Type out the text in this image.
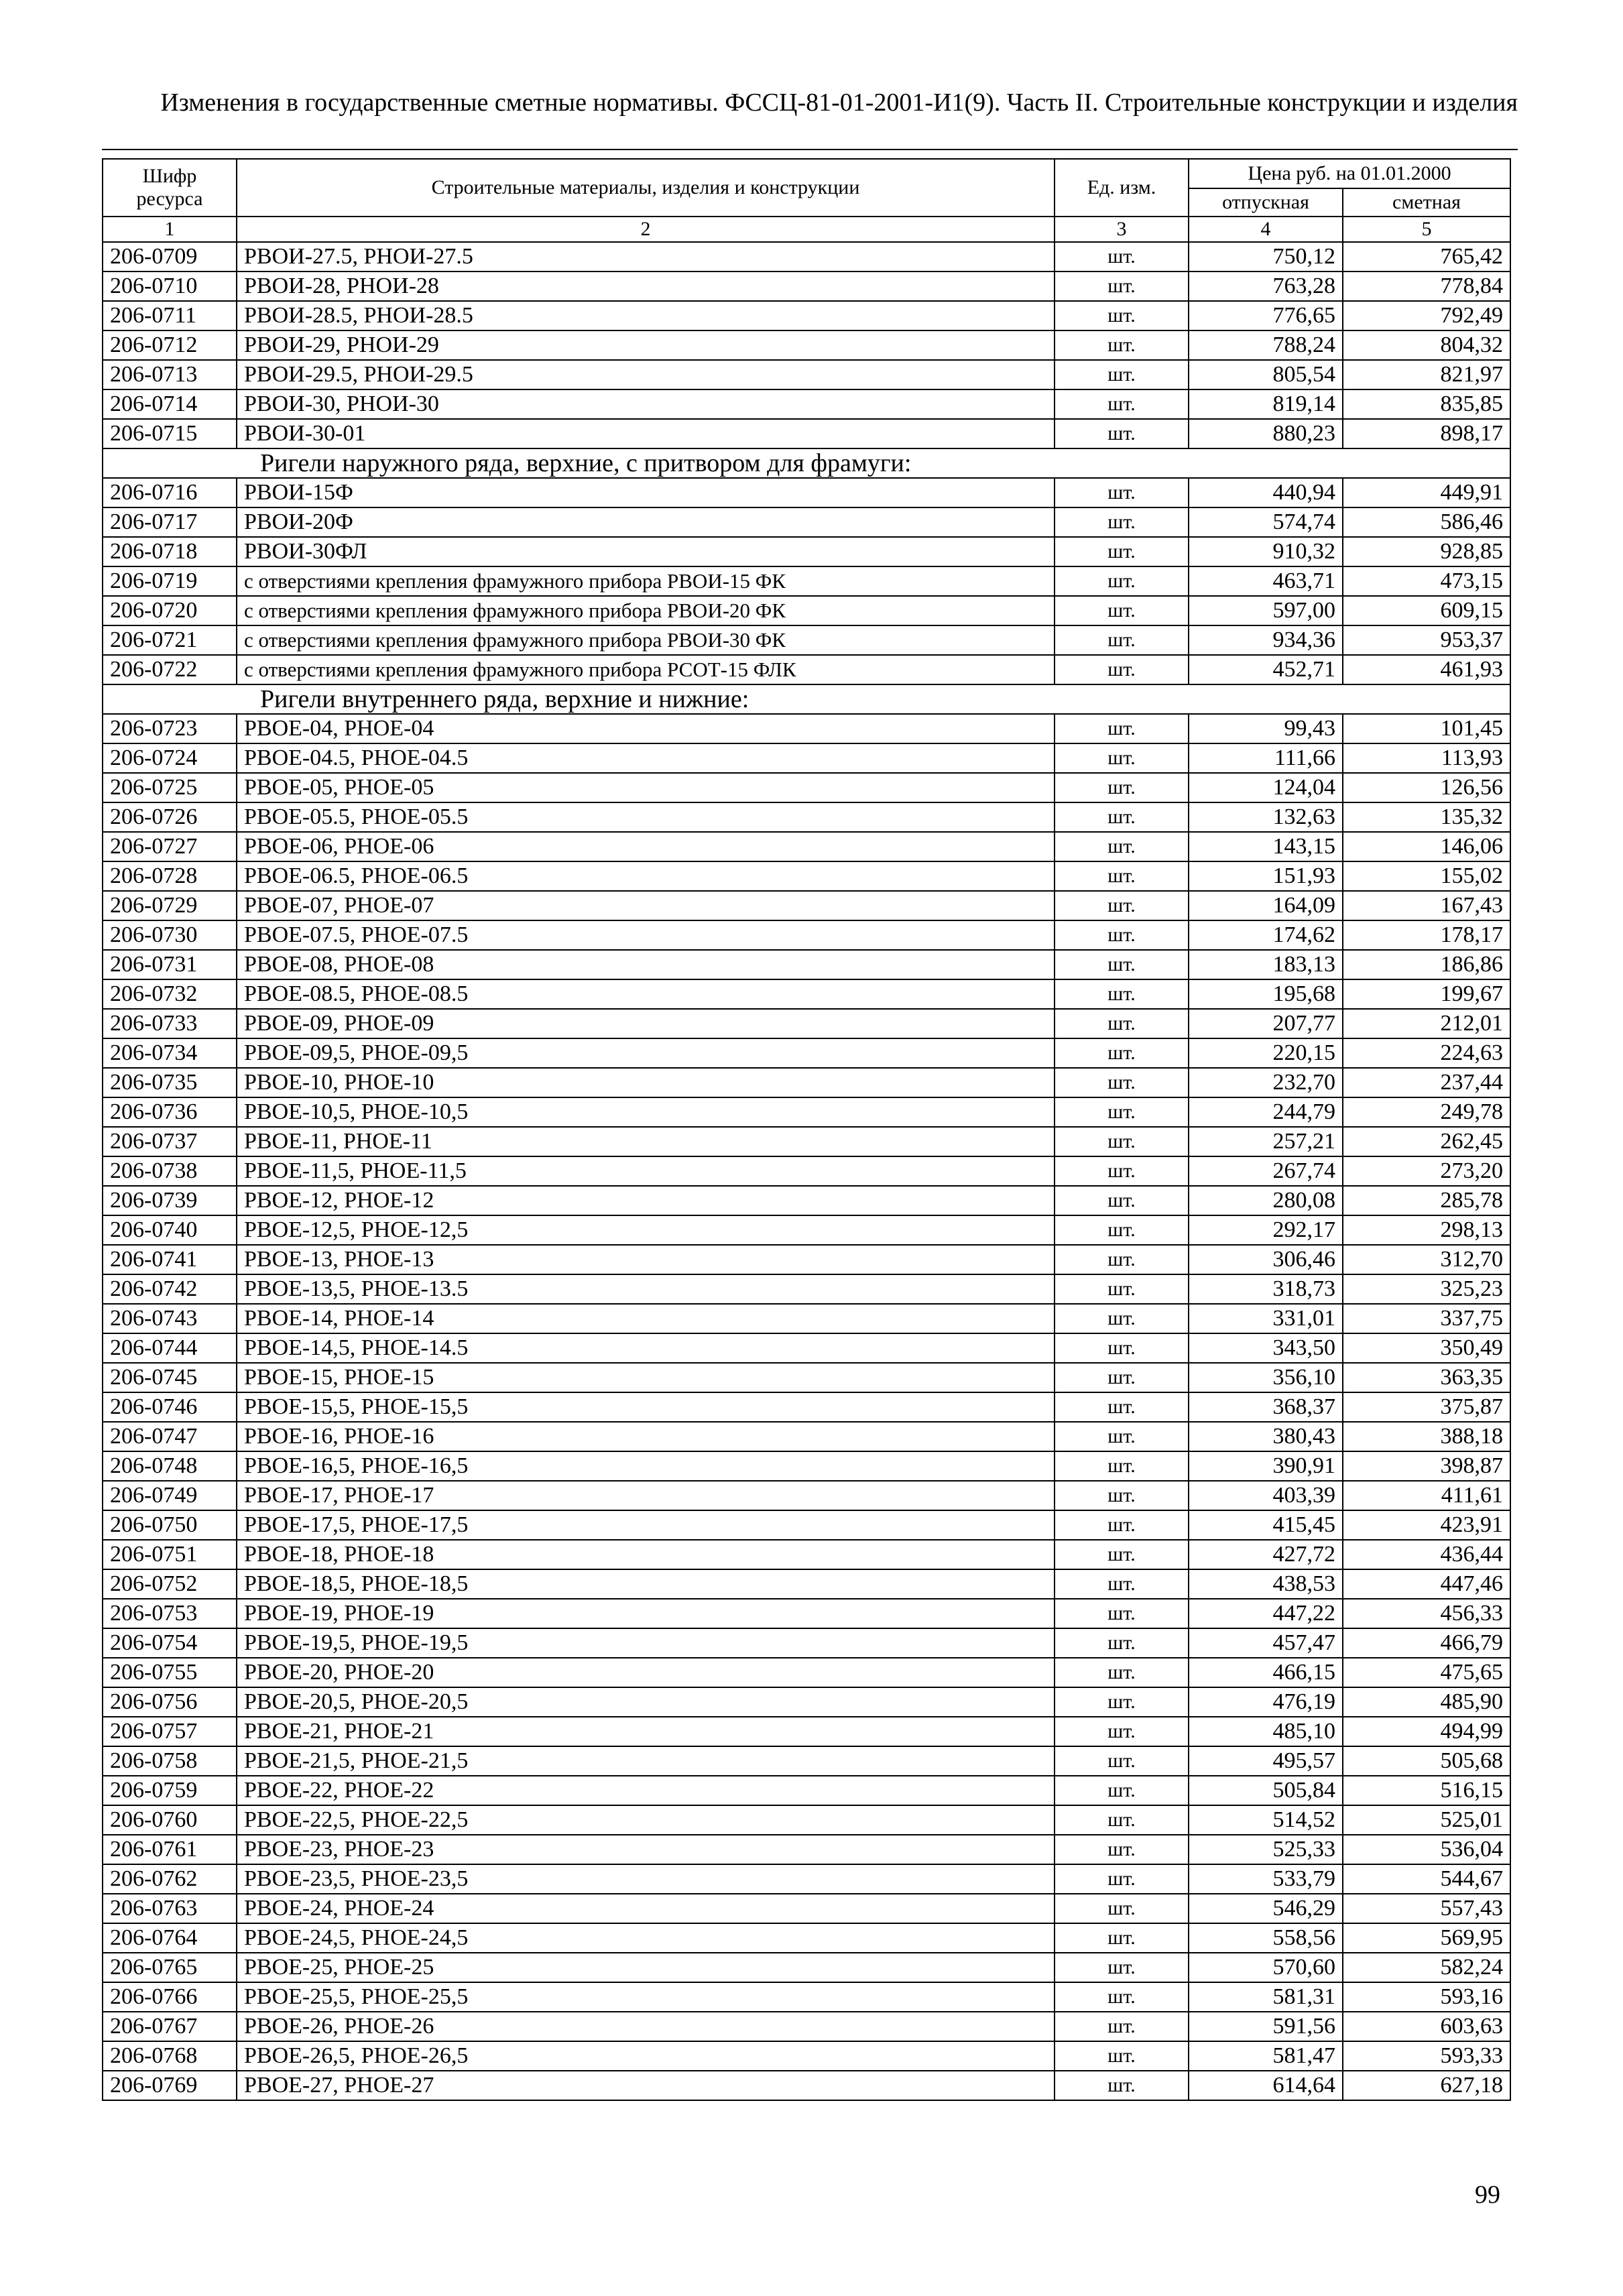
Изменения в государственные сметные нормативы. ФССЦ-81-01-2001-И1(9). Часть II. Строительные конструкции и изделия
Шифр ресурса	Строительные материалы, изделия и конструкции	Ед. изм.	Цена руб. на 01.01.2000	
			отпускная	сметная
1	2	3	4	5
206-0709	РВОИ-27.5, РНОИ-27.5	шт.	750,12	765,42
206-0710	РВОИ-28, РНОИ-28	шт.	763,28	778,84
206-0711	РВОИ-28.5, РНОИ-28.5	шт.	776,65	792,49
206-0712	РВОИ-29, РНОИ-29	шт.	788,24	804,32
206-0713	РВОИ-29.5, РНОИ-29.5	шт.	805,54	821,97
206-0714	РВОИ-30, РНОИ-30	шт.	819,14	835,85
206-0715	РВОИ-30-01	шт.	880,23	898,17
Ригели наружного ряда, верхние, с притвором для фрамуги:				
206-0716	РВОИ-15Ф	шт.	440,94	449,91
206-0717	РВОИ-20Ф	шт.	574,74	586,46
206-0718	РВОИ-30ФЛ	шт.	910,32	928,85
206-0719	с отверстиями крепления фрамужного прибора РВОИ-15 ФК	шт.	463,71	473,15
206-0720	с отверстиями крепления фрамужного прибора РВОИ-20 ФК	шт.	597,00	609,15
206-0721	с отверстиями крепления фрамужного прибора РВОИ-30 ФК	шт.	934,36	953,37
206-0722	с отверстиями крепления фрамужного прибора РСОТ-15 ФЛК	шт.	452,71	461,93
Ригели внутреннего ряда, верхние и нижние:				
206-0723	РВОЕ-04, РНОЕ-04	шт.	99,43	101,45
206-0724	РВОЕ-04.5, РНОЕ-04.5	шт.	111,66	113,93
206-0725	РВОЕ-05, РНОЕ-05	шт.	124,04	126,56
206-0726	РВОЕ-05.5, РНОЕ-05.5	шт.	132,63	135,32
206-0727	РВОЕ-06, РНОЕ-06	шт.	143,15	146,06
206-0728	РВОЕ-06.5, РНОЕ-06.5	шт.	151,93	155,02
206-0729	РВОЕ-07, РНОЕ-07	шт.	164,09	167,43
206-0730	РВОЕ-07.5, РНОЕ-07.5	шт.	174,62	178,17
206-0731	РВОЕ-08, РНОЕ-08	шт.	183,13	186,86
206-0732	РВОЕ-08.5, РНОЕ-08.5	шт.	195,68	199,67
206-0733	РВОЕ-09, РНОЕ-09	шт.	207,77	212,01
206-0734	РВОЕ-09,5, РНОЕ-09,5	шт.	220,15	224,63
206-0735	РВОЕ-10, РНОЕ-10	шт.	232,70	237,44
206-0736	РВОЕ-10,5, РНОЕ-10,5	шт.	244,79	249,78
206-0737	РВОЕ-11, РНОЕ-11	шт.	257,21	262,45
206-0738	РВОЕ-11,5, РНОЕ-11,5	шт.	267,74	273,20
206-0739	РВОЕ-12, РНОЕ-12	шт.	280,08	285,78
206-0740	РВОЕ-12,5, РНОЕ-12,5	шт.	292,17	298,13
206-0741	РВОЕ-13, РНОЕ-13	шт.	306,46	312,70
206-0742	РВОЕ-13,5, РНОЕ-13.5	шт.	318,73	325,23
206-0743	РВОЕ-14, РНОЕ-14	шт.	331,01	337,75
206-0744	РВОЕ-14,5, РНОЕ-14.5	шт.	343,50	350,49
206-0745	РВОЕ-15, РНОЕ-15	шт.	356,10	363,35
206-0746	РВОЕ-15,5, РНОЕ-15,5	шт.	368,37	375,87
206-0747	РВОЕ-16, РНОЕ-16	шт.	380,43	388,18
206-0748	РВОЕ-16,5, РНОЕ-16,5	шт.	390,91	398,87
206-0749	РВОЕ-17, РНОЕ-17	шт.	403,39	411,61
206-0750	РВОЕ-17,5, РНОЕ-17,5	шт.	415,45	423,91
206-0751	РВОЕ-18, РНОЕ-18	шт.	427,72	436,44
206-0752	РВОЕ-18,5, РНОЕ-18,5	шт.	438,53	447,46
206-0753	РВОЕ-19, РНОЕ-19	шт.	447,22	456,33
206-0754	РВОЕ-19,5, РНОЕ-19,5	шт.	457,47	466,79
206-0755	РВОЕ-20, РНОЕ-20	шт.	466,15	475,65
206-0756	РВОЕ-20,5, РНОЕ-20,5	шт.	476,19	485,90
206-0757	РВОЕ-21, РНОЕ-21	шт.	485,10	494,99
206-0758	РВОЕ-21,5, РНОЕ-21,5	шт.	495,57	505,68
206-0759	РВОЕ-22, РНОЕ-22	шт.	505,84	516,15
206-0760	РВОЕ-22,5, РНОЕ-22,5	шт.	514,52	525,01
206-0761	РВОЕ-23, РНОЕ-23	шт.	525,33	536,04
206-0762	РВОЕ-23,5, РНОЕ-23,5	шт.	533,79	544,67
206-0763	РВОЕ-24, РНОЕ-24	шт.	546,29	557,43
206-0764	РВОЕ-24,5, РНОЕ-24,5	шт.	558,56	569,95
206-0765	РВОЕ-25, РНОЕ-25	шт.	570,60	582,24
206-0766	РВОЕ-25,5, РНОЕ-25,5	шт.	581,31	593,16
206-0767	РВОЕ-26, РНОЕ-26	шт.	591,56	603,63
206-0768	РВОЕ-26,5, РНОЕ-26,5	шт.	581,47	593,33
206-0769	РВОЕ-27, РНОЕ-27	шт.	614,64	627,18
99
